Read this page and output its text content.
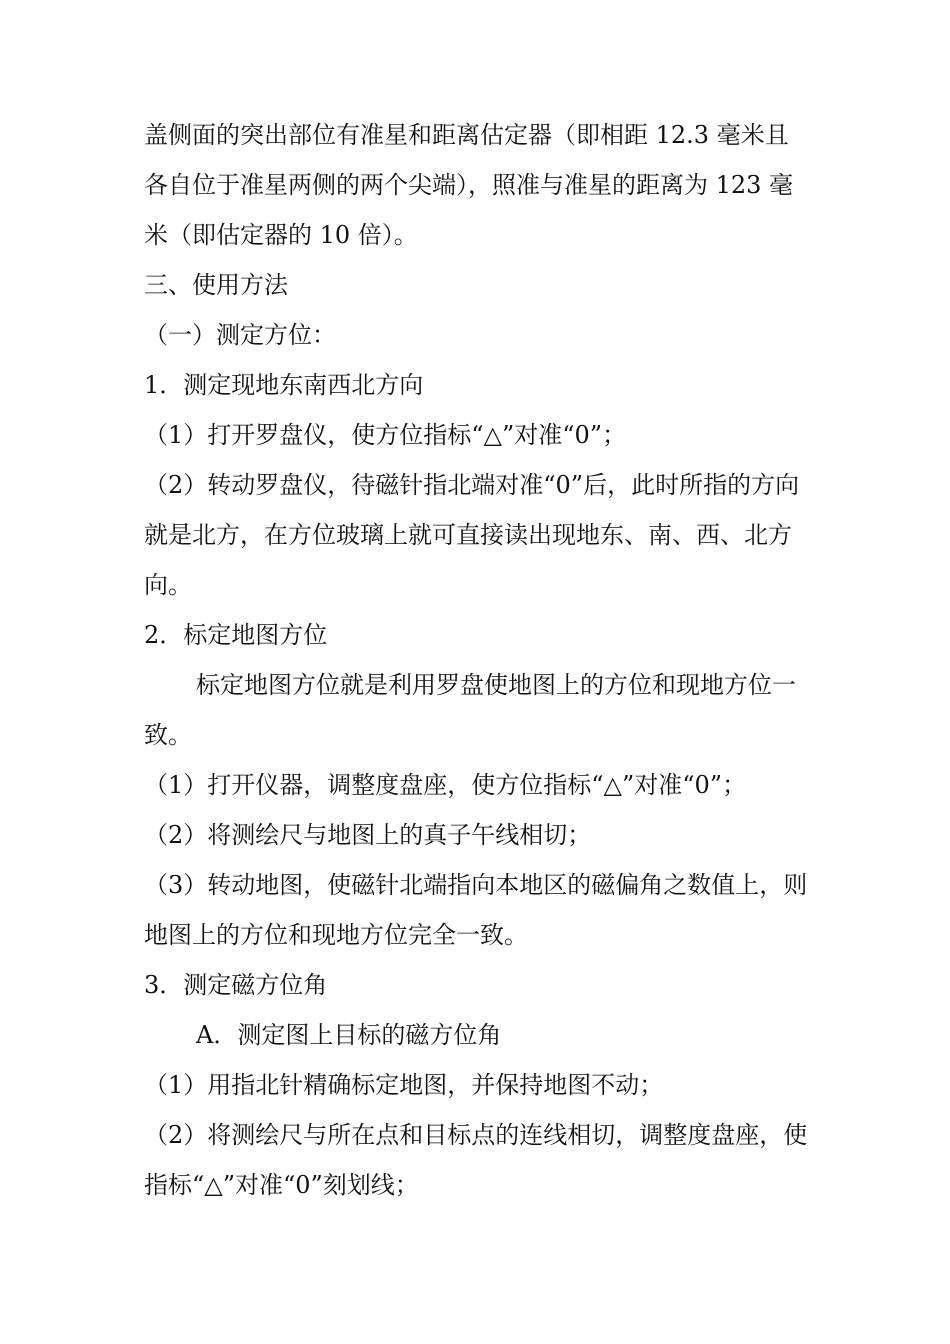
盖侧面的突出部位有准星和距离估定器（即相距 12.3 毫米且各自位于准星两侧的两个尖端），照准与准星的距离为 123 毫米（即估定器的 10 倍）。

三、使用方法

（一）测定方位：

1．测定现地东南西北方向

（1）打开罗盘仪，使方位指标“△”对准“0”；

（2）转动罗盘仪，待磁针指北端对准“0”后，此时所指的方向就是北方，在方位玻璃上就可直接读出现地东、南、西、北方向。

2．标定地图方位

标定地图方位就是利用罗盘使地图上的方位和现地方位一致。

（1）打开仪器，调整度盘座，使方位指标“△”对准“0”；

（2）将测绘尺与地图上的真子午线相切；

（3）转动地图，使磁针北端指向本地区的磁偏角之数值上，则地图上的方位和现地方位完全一致。

3．测定磁方位角

A．测定图上目标的磁方位角

（1）用指北针精确标定地图，并保持地图不动；

（2）将测绘尺与所在点和目标点的连线相切，调整度盘座，使指标“△”对准“0”刻划线；
